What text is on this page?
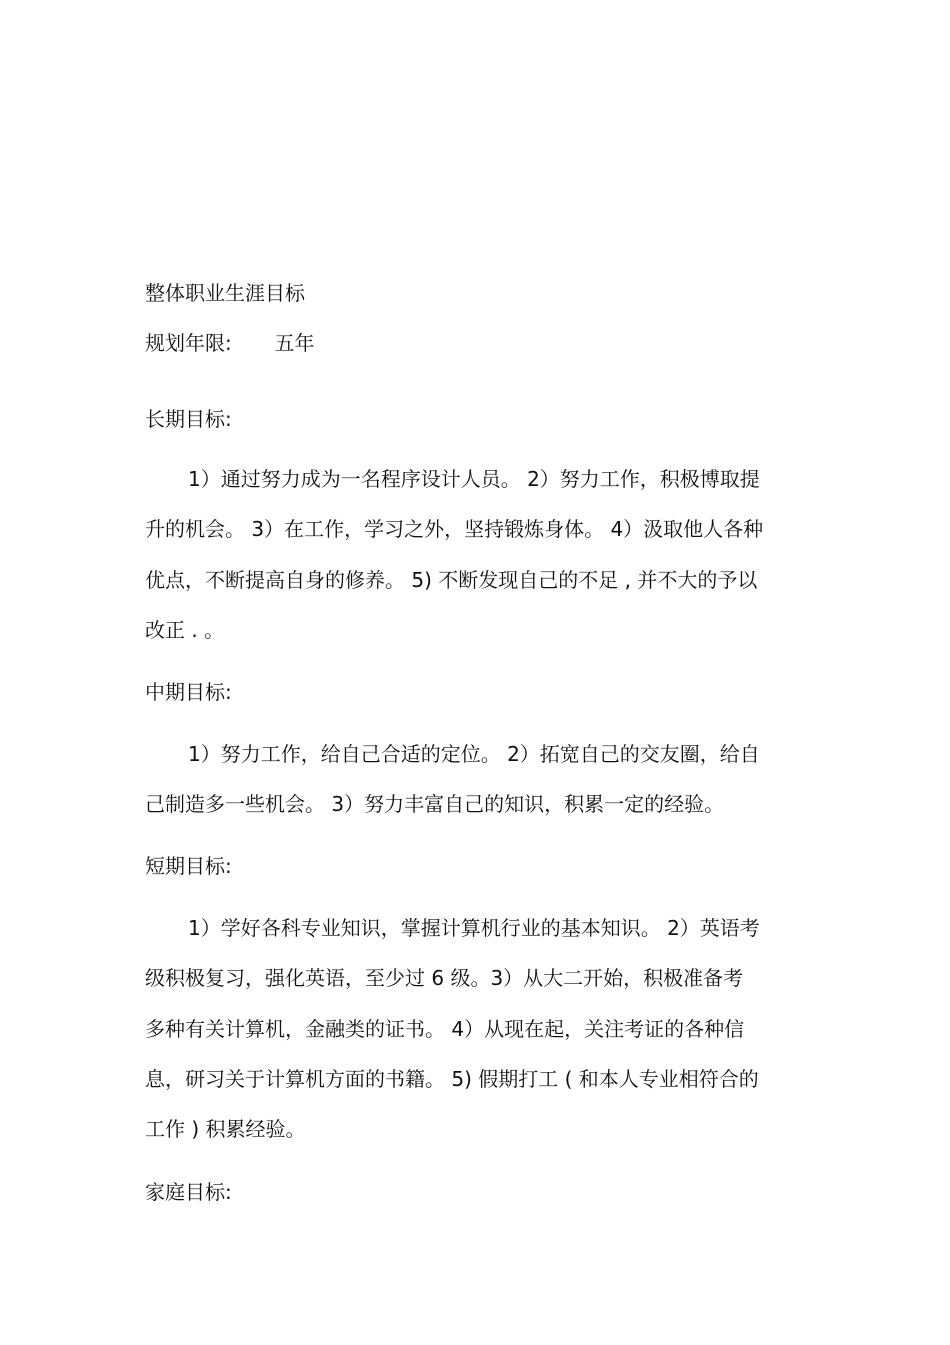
整体职业生涯目标
规划年限: 五年
长期目标:
1）通过努力成为一名程序设计人员。 2）努力工作，积极博取提
升的机会。 3）在工作，学习之外，坚持锻炼身体。 4）汲取他人各种
优点，不断提高自身的修养。 5) 不断发现自己的不足 , 并不大的予以
改正 . 。
中期目标:
1）努力工作，给自己合适的定位。 2）拓宽自己的交友圈，给自
己制造多一些机会。 3）努力丰富自己的知识，积累一定的经验。
短期目标:
1）学好各科专业知识，掌握计算机行业的基本知识。 2）英语考
级积极复习，强化英语，至少过 6 级。3）从大二开始，积极准备考
多种有关计算机，金融类的证书。 4）从现在起，关注考证的各种信
息，研习关于计算机方面的书籍。 5) 假期打工 ( 和本人专业相符合的
工作 ) 积累经验。
家庭目标:
